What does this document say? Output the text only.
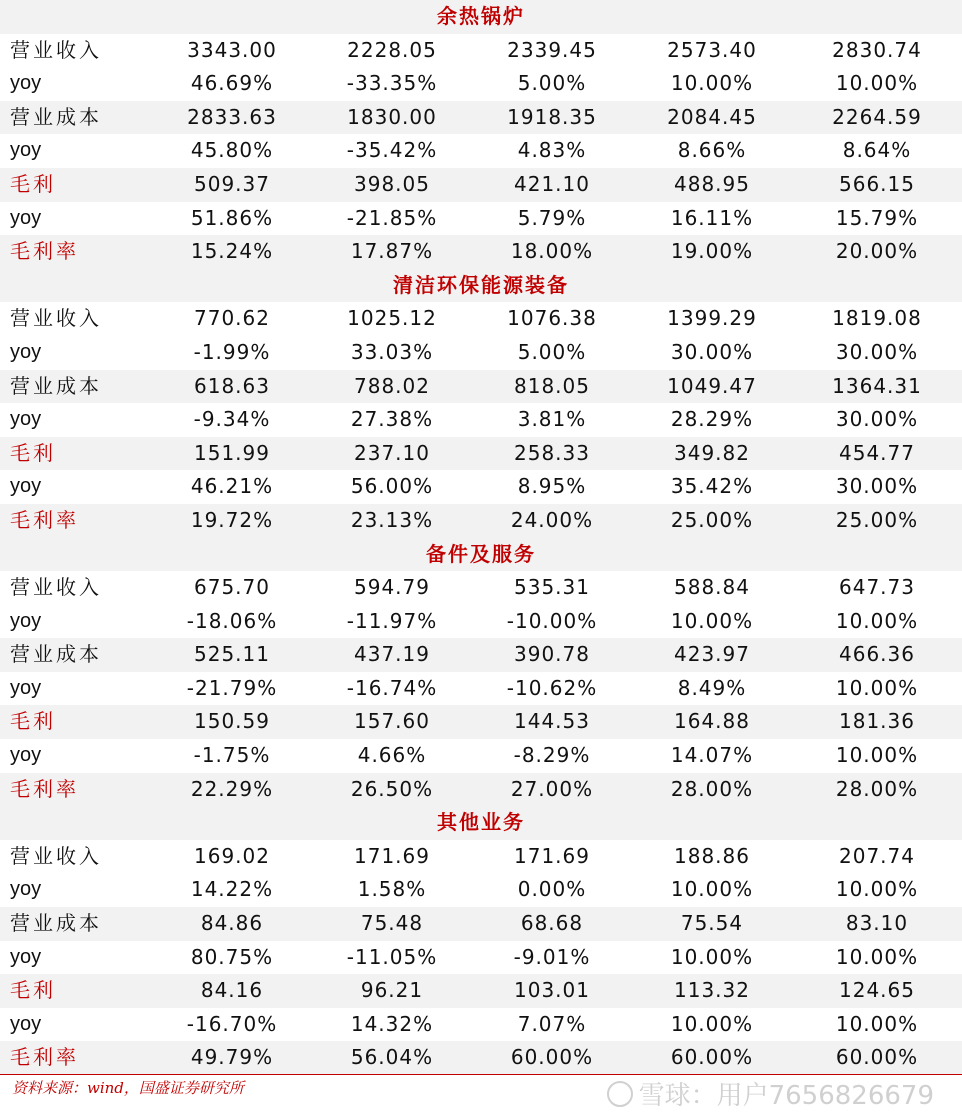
余热锅炉
营业收入	3343.00	2228.05	2339.45	2573.40	2830.74
yoy	46.69%	-33.35%	5.00%	10.00%	10.00%
营业成本	2833.63	1830.00	1918.35	2084.45	2264.59
yoy	45.80%	-35.42%	4.83%	8.66%	8.64%
毛利	509.37	398.05	421.10	488.95	566.15
yoy	51.86%	-21.85%	5.79%	16.11%	15.79%
毛利率	15.24%	17.87%	18.00%	19.00%	20.00%
清洁环保能源装备
营业收入	770.62	1025.12	1076.38	1399.29	1819.08
yoy	-1.99%	33.03%	5.00%	30.00%	30.00%
营业成本	618.63	788.02	818.05	1049.47	1364.31
yoy	-9.34%	27.38%	3.81%	28.29%	30.00%
毛利	151.99	237.10	258.33	349.82	454.77
yoy	46.21%	56.00%	8.95%	35.42%	30.00%
毛利率	19.72%	23.13%	24.00%	25.00%	25.00%
备件及服务
营业收入	675.70	594.79	535.31	588.84	647.73
yoy	-18.06%	-11.97%	-10.00%	10.00%	10.00%
营业成本	525.11	437.19	390.78	423.97	466.36
yoy	-21.79%	-16.74%	-10.62%	8.49%	10.00%
毛利	150.59	157.60	144.53	164.88	181.36
yoy	-1.75%	4.66%	-8.29%	14.07%	10.00%
毛利率	22.29%	26.50%	27.00%	28.00%	28.00%
其他业务
营业收入	169.02	171.69	171.69	188.86	207.74
yoy	14.22%	1.58%	0.00%	10.00%	10.00%
营业成本	84.86	75.48	68.68	75.54	83.10
yoy	80.75%	-11.05%	-9.01%	10.00%	10.00%
毛利	84.16	96.21	103.01	113.32	124.65
yoy	-16.70%	14.32%	7.07%	10.00%	10.00%
毛利率	49.79%	56.04%	60.00%	60.00%	60.00%
资料来源：wind，国盛证券研究所	雪球：用户7656826679
